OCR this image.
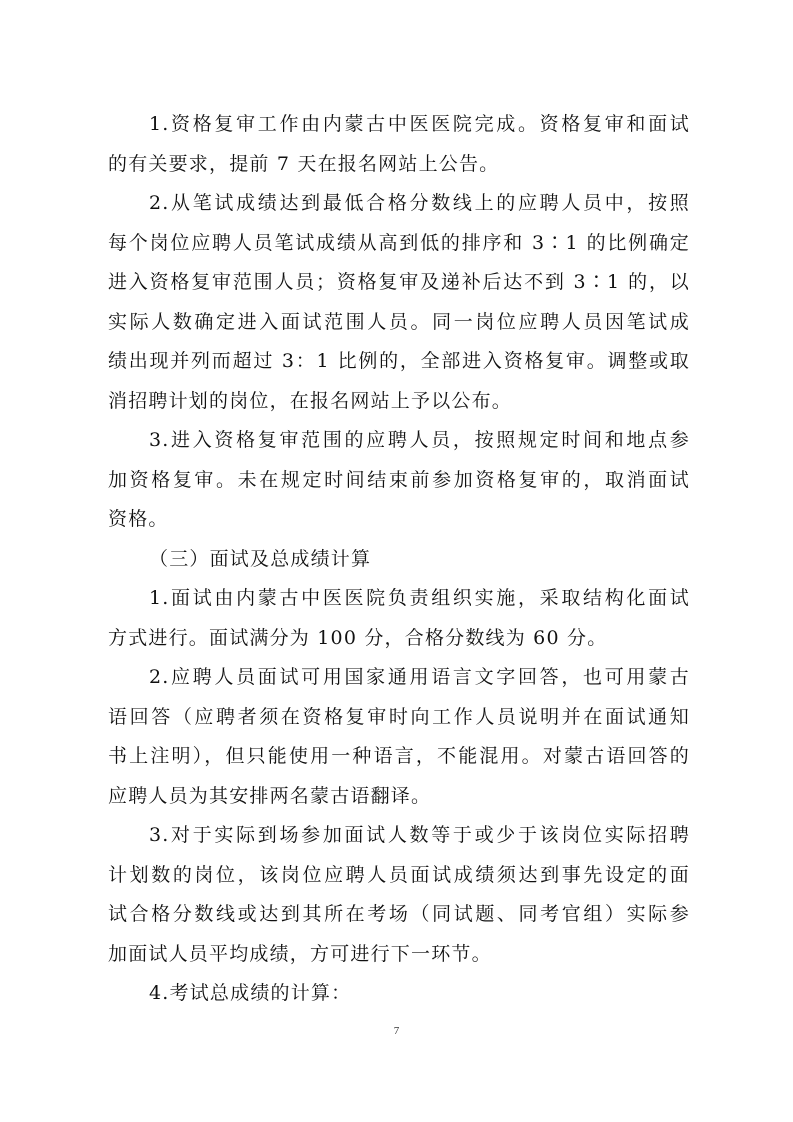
1.资格复审工作由内蒙古中医医院完成。资格复审和面试
的有关要求，提前 7 天在报名网站上公告。
2.从笔试成绩达到最低合格分数线上的应聘人员中，按照
每个岗位应聘人员笔试成绩从高到低的排序和 3∶1 的比例确定
进入资格复审范围人员；资格复审及递补后达不到 3∶1 的，以
实际人数确定进入面试范围人员。同一岗位应聘人员因笔试成
绩出现并列而超过 3：1 比例的，全部进入资格复审。调整或取
消招聘计划的岗位，在报名网站上予以公布。
3.进入资格复审范围的应聘人员，按照规定时间和地点参
加资格复审。未在规定时间结束前参加资格复审的，取消面试
资格。
（三）面试及总成绩计算
1.面试由内蒙古中医医院负责组织实施，采取结构化面试
方式进行。面试满分为 100 分，合格分数线为 60 分。
2.应聘人员面试可用国家通用语言文字回答，也可用蒙古
语回答（应聘者须在资格复审时向工作人员说明并在面试通知
书上注明），但只能使用一种语言，不能混用。对蒙古语回答的
应聘人员为其安排两名蒙古语翻译。
3.对于实际到场参加面试人数等于或少于该岗位实际招聘
计划数的岗位，该岗位应聘人员面试成绩须达到事先设定的面
试合格分数线或达到其所在考场（同试题、同考官组）实际参
加面试人员平均成绩，方可进行下一环节。
4.考试总成绩的计算：
7
